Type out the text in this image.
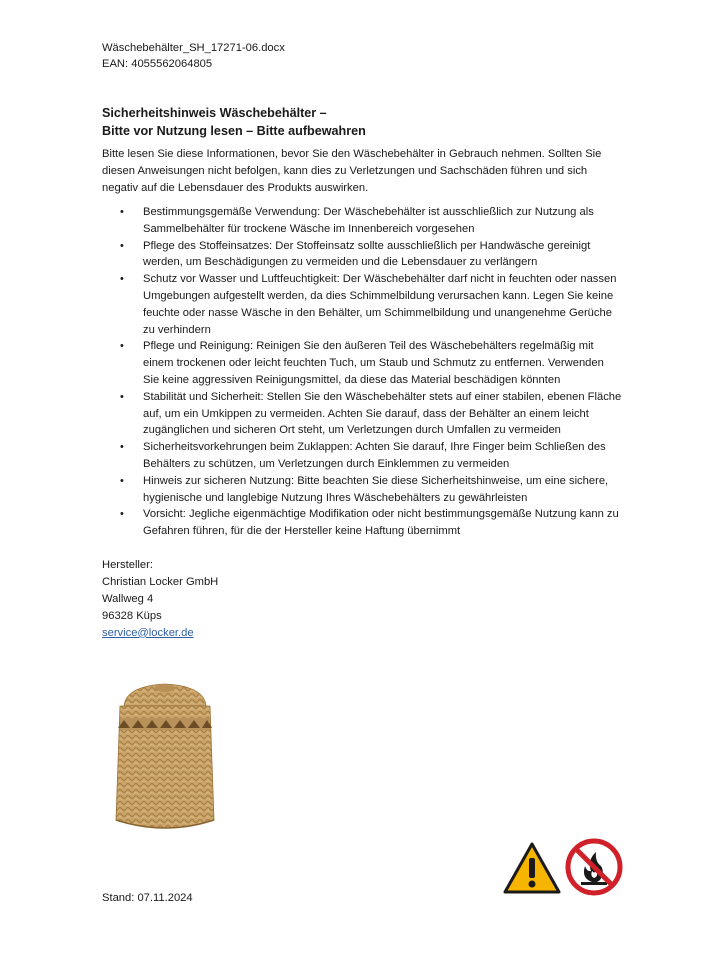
Wäschebehälter_SH_17271-06.docx
EAN: 4055562064805
Sicherheitshinweis Wäschebehälter –
Bitte vor Nutzung lesen – Bitte aufbewahren
Bitte lesen Sie diese Informationen, bevor Sie den Wäschebehälter in Gebrauch nehmen. Sollten Sie diesen Anweisungen nicht befolgen, kann dies zu Verletzungen und Sachschäden führen und sich negativ auf die Lebensdauer des Produkts auswirken.
• Bestimmungsgemäße Verwendung: Der Wäschebehälter ist ausschließlich zur Nutzung als Sammelbehälter für trockene Wäsche im Innenbereich vorgesehen
• Pflege des Stoffeinsatzes: Der Stoffeinsatz sollte ausschließlich per Handwäsche gereinigt werden, um Beschädigungen zu vermeiden und die Lebensdauer zu verlängern
• Schutz vor Wasser und Luftfeuchtigkeit: Der Wäschebehälter darf nicht in feuchten oder nassen Umgebungen aufgestellt werden, da dies Schimmelbildung verursachen kann. Legen Sie keine feuchte oder nasse Wäsche in den Behälter, um Schimmelbildung und unangenehme Gerüche zu verhindern
• Pflege und Reinigung: Reinigen Sie den äußeren Teil des Wäschebehälters regelmäßig mit einem trockenen oder leicht feuchten Tuch, um Staub und Schmutz zu entfernen. Verwenden Sie keine aggressiven Reinigungsmittel, da diese das Material beschädigen könnten
• Stabilität und Sicherheit: Stellen Sie den Wäschebehälter stets auf einer stabilen, ebenen Fläche auf, um ein Umkippen zu vermeiden. Achten Sie darauf, dass der Behälter an einem leicht zugänglichen und sicheren Ort steht, um Verletzungen durch Umfallen zu vermeiden
• Sicherheitsvorkehrungen beim Zuklappen: Achten Sie darauf, Ihre Finger beim Schließen des Behälters zu schützen, um Verletzungen durch Einklemmen zu vermeiden
• Hinweis zur sicheren Nutzung: Bitte beachten Sie diese Sicherheitshinweise, um eine sichere, hygienische und langlebige Nutzung Ihres Wäschebehälters zu gewährleisten
• Vorsicht: Jegliche eigenmächtige Modifikation oder nicht bestimmungsgemäße Nutzung kann zu Gefahren führen, für die der Hersteller keine Haftung übernimmt
Hersteller:
Christian Locker GmbH
Wallweg 4
96328 Küps
service@locker.de
Stand: 07.11.2024
